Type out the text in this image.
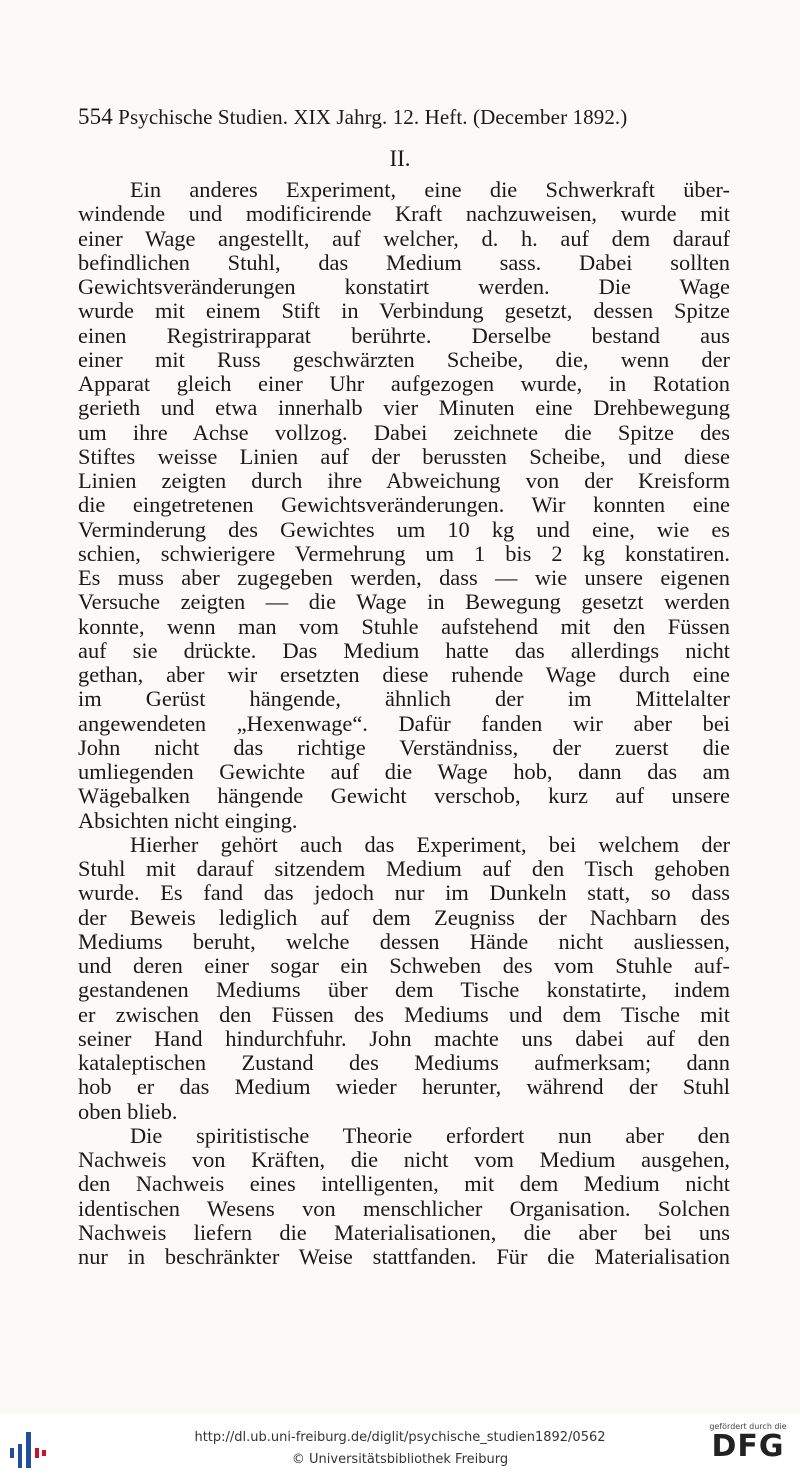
554 Psychische Studien. XIX Jahrg. 12. Heft. (December 1892.)
II.

Ein anderes Experiment, eine die Schwerkraft über-
windende und modificirende Kraft nachzuweisen, wurde mit
einer Wage angestellt, auf welcher, d. h. auf dem darauf
befindlichen Stuhl, das Medium sass. Dabei sollten
Gewichtsveränderungen konstatirt werden. Die Wage
wurde mit einem Stift in Verbindung gesetzt, dessen Spitze
einen Registrirapparat berührte. Derselbe bestand aus
einer mit Russ geschwärzten Scheibe, die, wenn der
Apparat gleich einer Uhr aufgezogen wurde, in Rotation
gerieth und etwa innerhalb vier Minuten eine Drehbewegung
um ihre Achse vollzog. Dabei zeichnete die Spitze des
Stiftes weisse Linien auf der berussten Scheibe, und diese
Linien zeigten durch ihre Abweichung von der Kreisform
die eingetretenen Gewichtsveränderungen. Wir konnten eine
Verminderung des Gewichtes um 10 kg und eine, wie es
schien, schwierigere Vermehrung um 1 bis 2 kg konstatiren.
Es muss aber zugegeben werden, dass — wie unsere eigenen
Versuche zeigten — die Wage in Bewegung gesetzt werden
konnte, wenn man vom Stuhle aufstehend mit den Füssen
auf sie drückte. Das Medium hatte das allerdings nicht
gethan, aber wir ersetzten diese ruhende Wage durch eine
im Gerüst hängende, ähnlich der im Mittelalter
angewendeten „Hexenwage“. Dafür fanden wir aber bei
John nicht das richtige Verständniss, der zuerst die
umliegenden Gewichte auf die Wage hob, dann das am
Wägebalken hängende Gewicht verschob, kurz auf unsere
Absichten nicht einging.

Hierher gehört auch das Experiment, bei welchem der
Stuhl mit darauf sitzendem Medium auf den Tisch gehoben
wurde. Es fand das jedoch nur im Dunkeln statt, so dass
der Beweis lediglich auf dem Zeugniss der Nachbarn des
Mediums beruht, welche dessen Hände nicht ausliessen,
und deren einer sogar ein Schweben des vom Stuhle auf-
gestandenen Mediums über dem Tische konstatirte, indem
er zwischen den Füssen des Mediums und dem Tische mit
seiner Hand hindurchfuhr. John machte uns dabei auf den
kataleptischen Zustand des Mediums aufmerksam; dann
hob er das Medium wieder herunter, während der Stuhl
oben blieb.

Die spiritistische Theorie erfordert nun aber den
Nachweis von Kräften, die nicht vom Medium ausgehen,
den Nachweis eines intelligenten, mit dem Medium nicht
identischen Wesens von menschlicher Organisation. Solchen
Nachweis liefern die Materialisationen, die aber bei uns
nur in beschränkter Weise stattfanden. Für die Materialisation

http://dl.ub.uni-freiburg.de/diglit/psychische_studien1892/0562
© Universitätsbibliothek Freiburg
gefördert durch die
DFG
